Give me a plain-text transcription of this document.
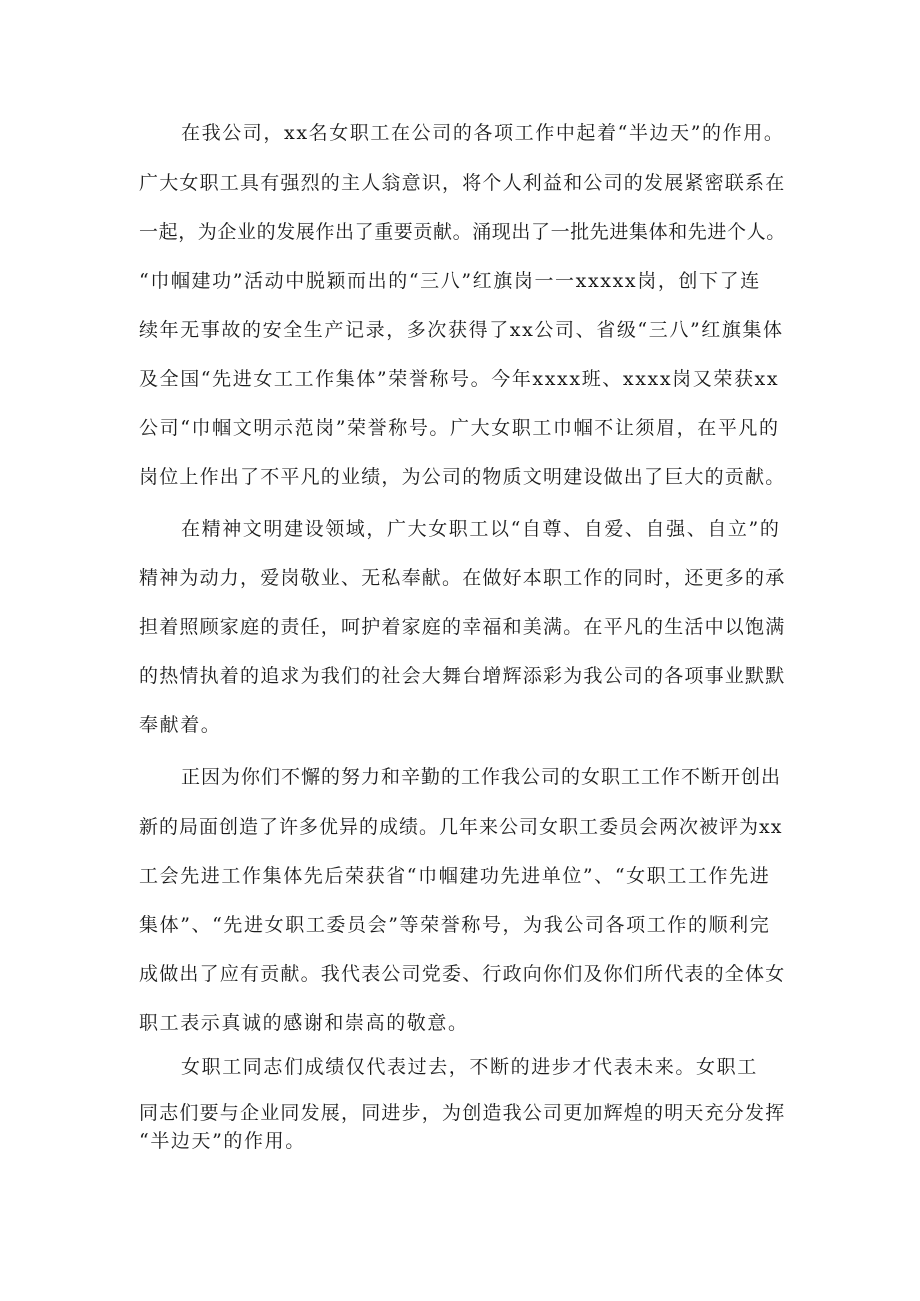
在我公司，xx名女职工在公司的各项工作中起着“半边天”的作用。
广大女职工具有强烈的主人翁意识，将个人利益和公司的发展紧密联系在
一起，为企业的发展作出了重要贡献。涌现出了一批先进集体和先进个人。
“巾帼建功”活动中脱颖而出的“三八”红旗岗一一xxxxx岗，创下了连
续年无事故的安全生产记录，多次获得了xx公司、省级“三八”红旗集体
及全国“先进女工工作集体”荣誉称号。今年xxxx班、xxxx岗又荣获xx
公司“巾帼文明示范岗”荣誉称号。广大女职工巾帼不让须眉，在平凡的
岗位上作出了不平凡的业绩，为公司的物质文明建设做出了巨大的贡献。
在精神文明建设领域，广大女职工以“自尊、自爱、自强、自立”的
精神为动力，爱岗敬业、无私奉献。在做好本职工作的同时，还更多的承
担着照顾家庭的责任，呵护着家庭的幸福和美满。在平凡的生活中以饱满
的热情执着的追求为我们的社会大舞台增辉添彩为我公司的各项事业默默
奉献着。
正因为你们不懈的努力和辛勤的工作我公司的女职工工作不断开创出
新的局面创造了许多优异的成绩。几年来公司女职工委员会两次被评为xx
工会先进工作集体先后荣获省“巾帼建功先进单位”、“女职工工作先进
集体”、“先进女职工委员会”等荣誉称号，为我公司各项工作的顺利完
成做出了应有贡献。我代表公司党委、行政向你们及你们所代表的全体女
职工表示真诚的感谢和崇高的敬意。
女职工同志们成绩仅代表过去，不断的进步才代表未来。女职工
同志们要与企业同发展，同进步，为创造我公司更加辉煌的明天充分发挥
“半边天”的作用。
